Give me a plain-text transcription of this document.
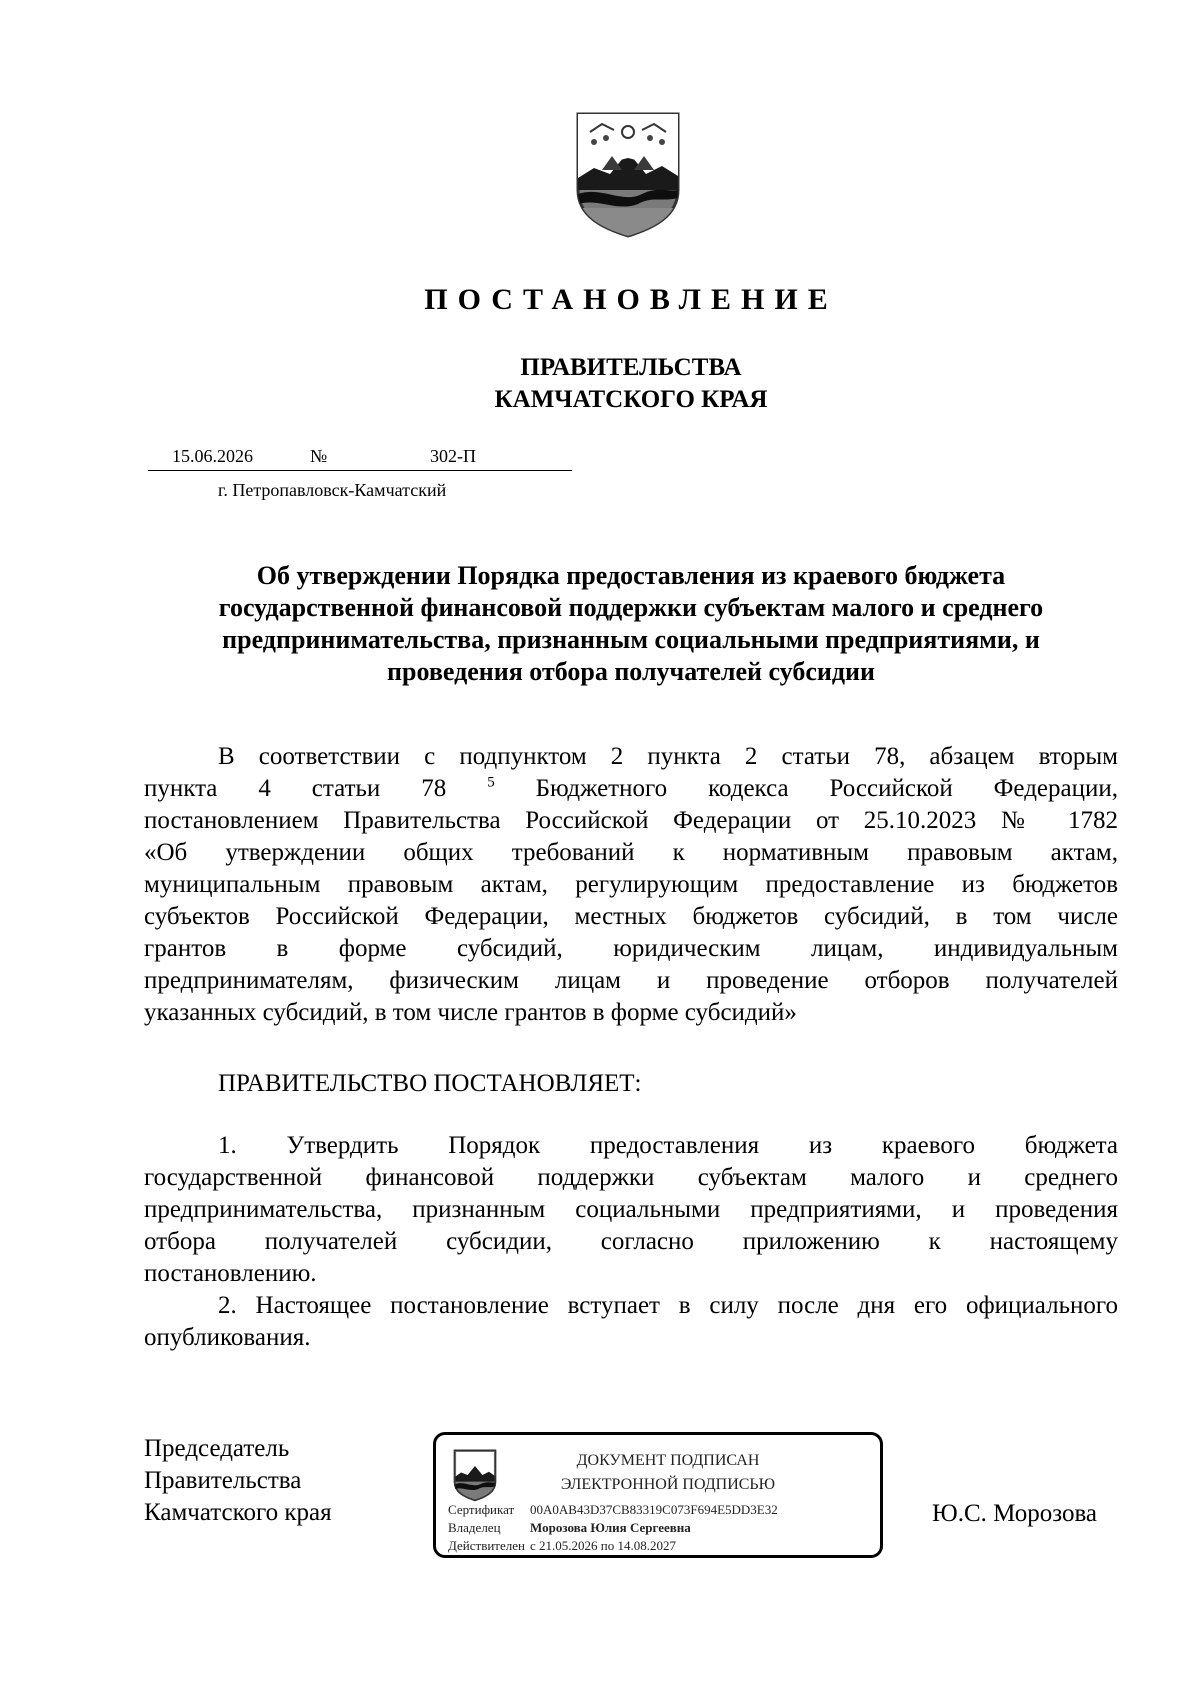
ПОСТАНОВЛЕНИЕ
ПРАВИТЕЛЬСТВА
КАМЧАТСКОГО КРАЯ
15.06.2026	№	302-П
г. Петропавловск-Камчатский
Об утверждении Порядка предоставления из краевого бюджета
государственной финансовой поддержки субъектам малого и среднего
предпринимательства, признанным социальными предприятиями, и
проведения отбора получателей субсидии
В соответствии с подпунктом 2 пункта 2 статьи 78, абзацем вторым
пункта 4 статьи 78	$^5$ Бюджетного кодекса Российской Федерации,
постановлением Правительства Российской Федерации от 25.10.2023 № 1782
«Об утверждении общих требований к нормативным правовым актам,
муниципальным правовым актам, регулирующим предоставление из бюджетов
субъектов Российской Федерации, местных бюджетов субсидий, в том числе
грантов в форме субсидий, юридическим лицам, индивидуальным
предпринимателям, физическим лицам и проведение отборов получателей
указанных субсидий, в том числе грантов в форме субсидий»
ПРАВИТЕЛЬСТВО ПОСТАНОВЛЯЕТ:
1. Утвердить Порядок предоставления из краевого бюджета
государственной финансовой поддержки субъектам малого и среднего
предпринимательства, признанным социальными предприятиями, и проведения
отбора получателей субсидии, согласно приложению к настоящему
постановлению.
2. Настоящее постановление вступает в силу после дня его официального
опубликования.
Председатель
Правительства
Камчатского края
ДОКУМЕНТ ПОДПИСАН
ЭЛЕКТРОННОЙ ПОДПИСЬЮ
Сертификат 00A0AB43D37CB83319C073F694E5DD3E32
Владелец Морозова Юлия Сергеевна
Действителен с 21.05.2026 по 14.08.2027
Ю.С. Морозова
